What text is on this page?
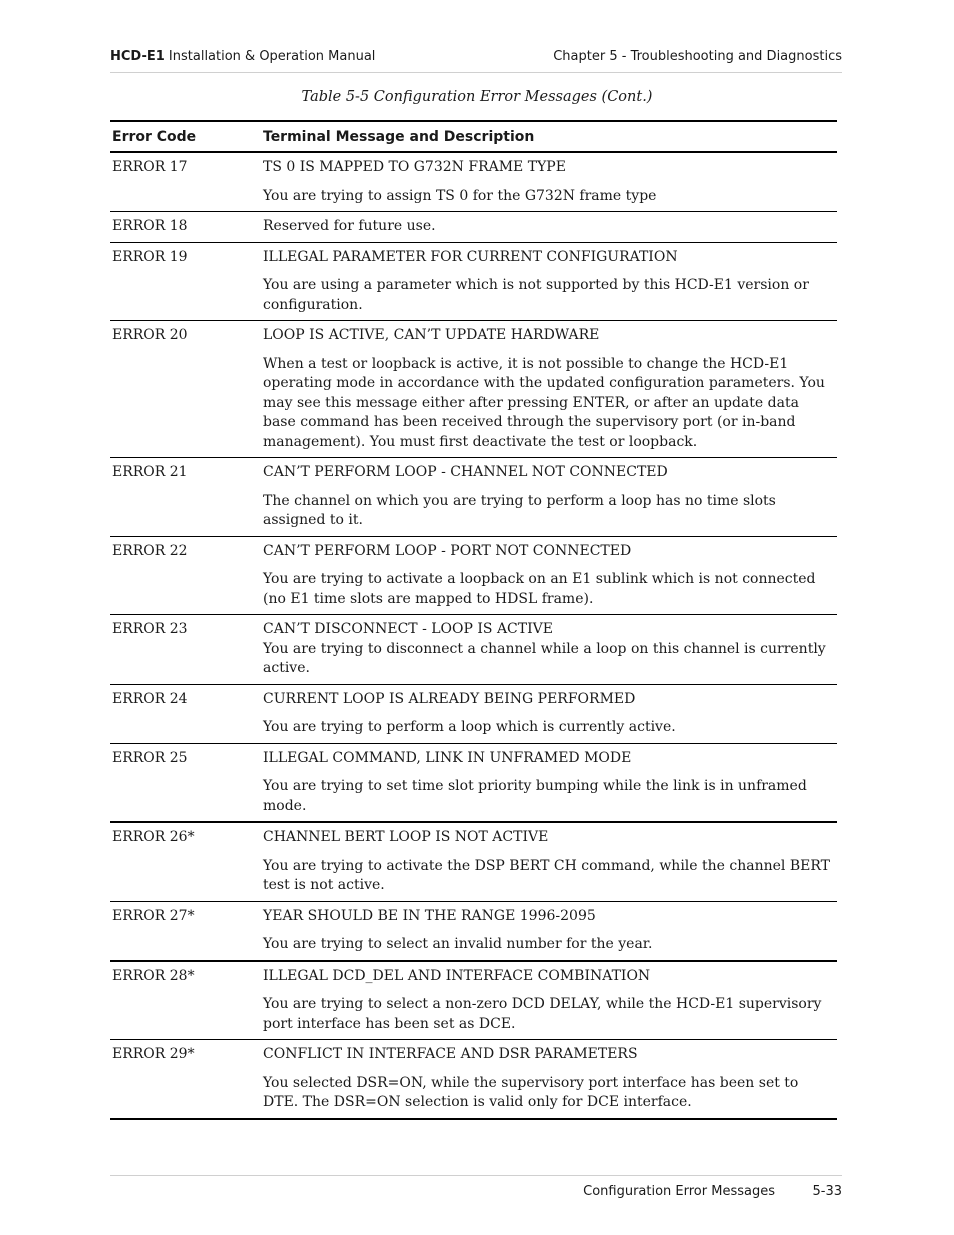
HCD-E1 Installation & Operation Manual	Chapter 5 - Troubleshooting and Diagnostics
Table 5-5 Configuration Error Messages (Cont.)
Error Code	Terminal Message and Description
ERROR 17	TS 0 IS MAPPED TO G732N FRAME TYPE

You are trying to assign TS 0 for the G732N frame type

ERROR 18	Reserved for future use.

ERROR 19	ILLEGAL PARAMETER FOR CURRENT CONFIGURATION

You are using a parameter which is not supported by this HCD-E1 version or configuration.

ERROR 20	LOOP IS ACTIVE, CAN’T UPDATE HARDWARE

When a test or loopback is active, it is not possible to change the HCD-E1 operating mode in accordance with the updated configuration parameters. You may see this message either after pressing ENTER, or after an update data base command has been received through the supervisory port (or in-band management). You must first deactivate the test or loopback.

ERROR 21	CAN’T PERFORM LOOP - CHANNEL NOT CONNECTED

The channel on which you are trying to perform a loop has no time slots assigned to it.

ERROR 22	CAN’T PERFORM LOOP - PORT NOT CONNECTED

You are trying to activate a loopback on an E1 sublink which is not connected (no E1 time slots are mapped to HDSL frame).

ERROR 23	CAN’T DISCONNECT - LOOP IS ACTIVE

You are trying to disconnect a channel while a loop on this channel is currently active.

ERROR 24	CURRENT LOOP IS ALREADY BEING PERFORMED

You are trying to perform a loop which is currently active.

ERROR 25	ILLEGAL COMMAND, LINK IN UNFRAMED MODE

You are trying to set time slot priority bumping while the link is in unframed mode.

ERROR 26*	CHANNEL BERT LOOP IS NOT ACTIVE

You are trying to activate the DSP BERT CH command, while the channel BERT test is not active.

ERROR 27*	YEAR SHOULD BE IN THE RANGE 1996-2095

You are trying to select an invalid number for the year.

ERROR 28*	ILLEGAL DCD_DEL AND INTERFACE COMBINATION

You are trying to select a non-zero DCD DELAY, while the HCD-E1 supervisory port interface has been set as DCE.

ERROR 29*	CONFLICT IN INTERFACE AND DSR PARAMETERS

You selected DSR=ON, while the supervisory port interface has been set to DTE. The DSR=ON selection is valid only for DCE interface.

Configuration Error Messages	5-33
